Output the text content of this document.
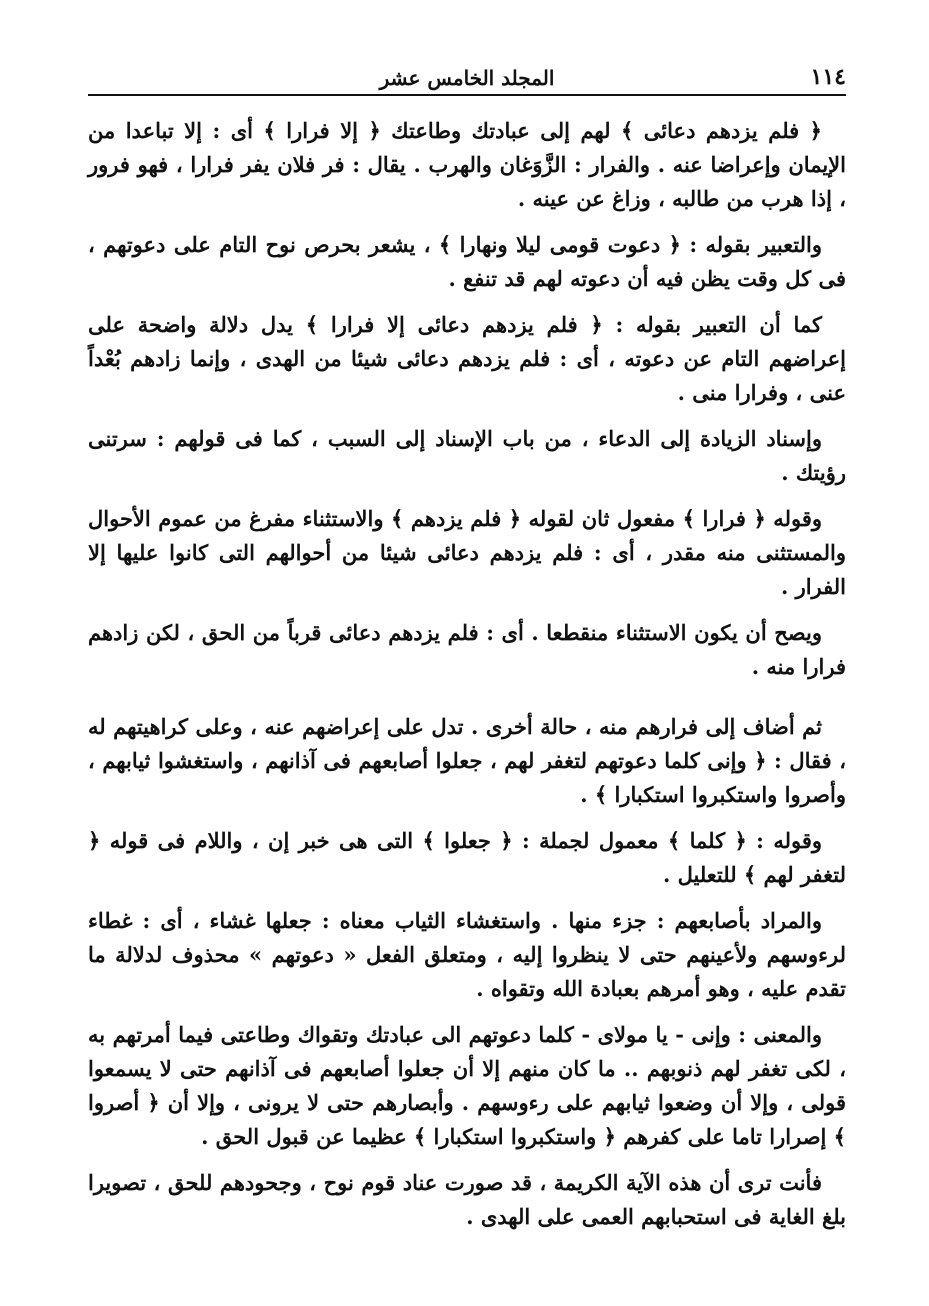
١١٤
المجلد الخامس عشر

﴿ فلم يزدهم دعائى ﴾ لهم إلى عبادتك وطاعتك ﴿ إلا فرارا ﴾ أى : إلا تباعدا من الإيمان وإعراضا عنه . والفرار : الزَّوَغان والهرب . يقال : فر فلان يفر فرارا ، فهو فرور ، إذا هرب من طالبه ، وزاغ عن عينه .

والتعبير بقوله : ﴿ دعوت قومى ليلا ونهارا ﴾ ، يشعر بحرص نوح التام على دعوتهم ، فى كل وقت يظن فيه أن دعوته لهم قد تنفع .

كما أن التعبير بقوله : ﴿ فلم يزدهم دعائى إلا فرارا ﴾ يدل دلالة واضحة على إعراضهم التام عن دعوته ، أى : فلم يزدهم دعائى شيئا من الهدى ، وإنما زادهم بُعْداً عنى ، وفرارا منى .

وإسناد الزيادة إلى الدعاء ، من باب الإسناد إلى السبب ، كما فى قولهم : سرتنى رؤيتك .

وقوله ﴿ فرارا ﴾ مفعول ثان لقوله ﴿ فلم يزدهم ﴾ والاستثناء مفرغ من عموم الأحوال والمستثنى منه مقدر ، أى : فلم يزدهم دعائى شيئا من أحوالهم التى كانوا عليها إلا الفرار .

ويصح أن يكون الاستثناء منقطعا . أى : فلم يزدهم دعائى قرباً من الحق ، لكن زادهم فرارا منه .

ثم أضاف إلى فرارهم منه ، حالة أخرى . تدل على إعراضهم عنه ، وعلى كراهيتهم له ، فقال : ﴿ وإنى كلما دعوتهم لتغفر لهم ، جعلوا أصابعهم فى آذانهم ، واستغشوا ثيابهم ، وأصروا واستكبروا استكبارا ﴾ .

وقوله : ﴿ كلما ﴾ معمول لجملة : ﴿ جعلوا ﴾ التى هى خبر إن ، واللام فى قوله ﴿ لتغفر لهم ﴾ للتعليل .

والمراد بأصابعهم : جزء منها . واستغشاء الثياب معناه : جعلها غشاء ، أى : غطاء لرءوسهم ولأعينهم حتى لا ينظروا إليه ، ومتعلق الفعل « دعوتهم » محذوف لدلالة ما تقدم عليه ، وهو أمرهم بعبادة الله وتقواه .

والمعنى : وإنى - يا مولاى - كلما دعوتهم الى عبادتك وتقواك وطاعتى فيما أمرتهم به ، لكى تغفر لهم ذنوبهم .. ما كان منهم إلا أن جعلوا أصابعهم فى آذانهم حتى لا يسمعوا قولى ، وإلا أن وضعوا ثيابهم على رءوسهم . وأبصارهم حتى لا يرونى ، وإلا أن ﴿ أصروا ﴾ إصرارا تاما على كفرهم ﴿ واستكبروا استكبارا ﴾ عظيما عن قبول الحق .

فأنت ترى أن هذه الآية الكريمة ، قد صورت عناد قوم نوح ، وجحودهم للحق ، تصويرا بلغ الغاية فى استحبابهم العمى على الهدى .
